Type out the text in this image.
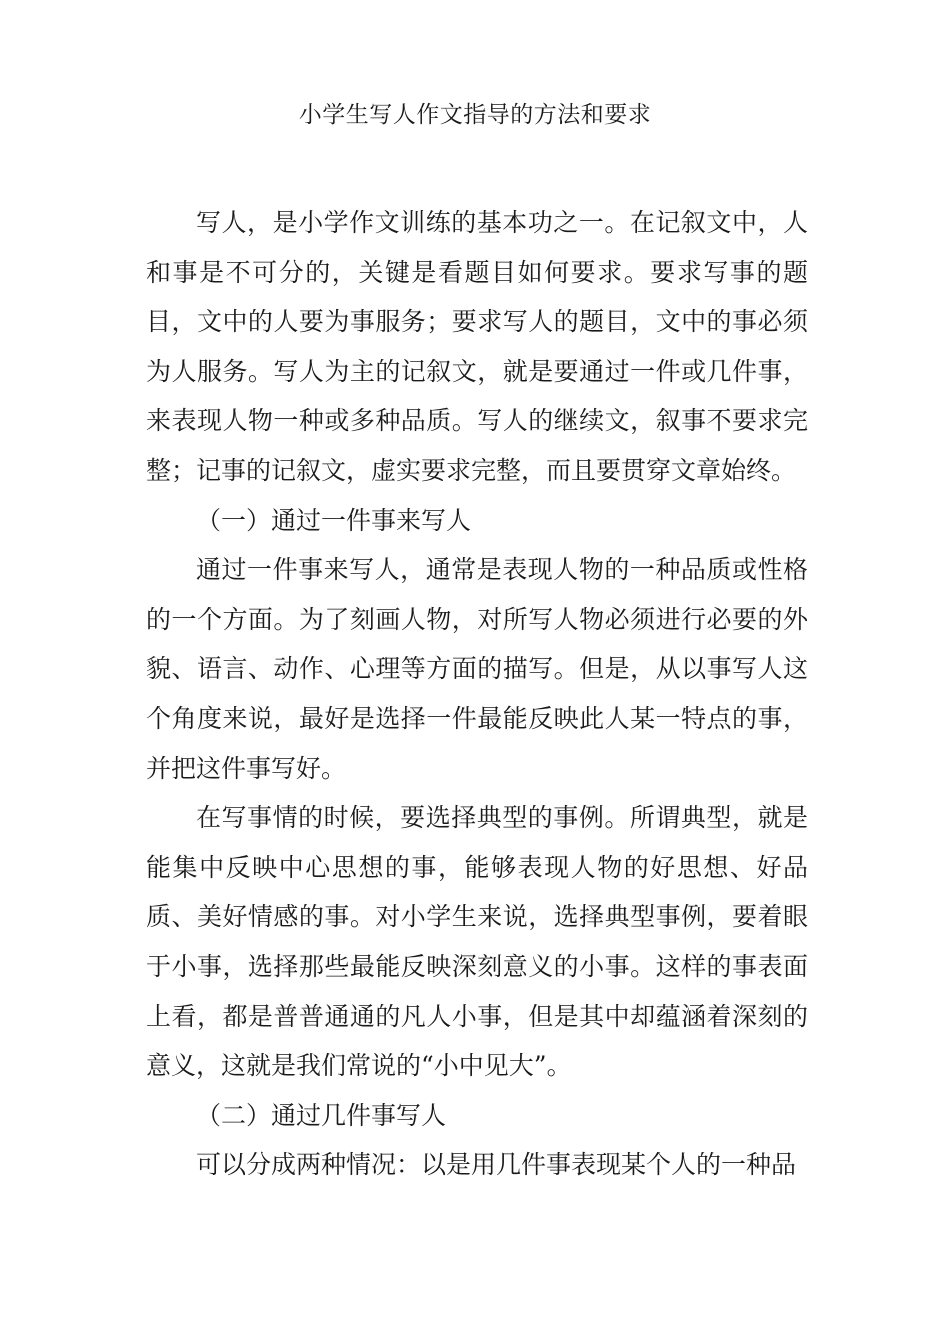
小学生写人作文指导的方法和要求

写人，是小学作文训练的基本功之一。在记叙文中，人和事是不可分的，关键是看题目如何要求。要求写事的题目，文中的人要为事服务；要求写人的题目，文中的事必须为人服务。写人为主的记叙文，就是要通过一件或几件事，来表现人物一种或多种品质。写人的继续文，叙事不要求完整；记事的记叙文，虚实要求完整，而且要贯穿文章始终。

（一）通过一件事来写人

通过一件事来写人，通常是表现人物的一种品质或性格的一个方面。为了刻画人物，对所写人物必须进行必要的外貌、语言、动作、心理等方面的描写。但是，从以事写人这个角度来说，最好是选择一件最能反映此人某一特点的事，并把这件事写好。

在写事情的时候，要选择典型的事例。所谓典型，就是能集中反映中心思想的事，能够表现人物的好思想、好品质、美好情感的事。对小学生来说，选择典型事例，要着眼于小事，选择那些最能反映深刻意义的小事。这样的事表面上看，都是普普通通的凡人小事，但是其中却蕴涵着深刻的意义，这就是我们常说的“小中见大”。

（二）通过几件事写人

可以分成两种情况：以是用几件事表现某个人的一种品
